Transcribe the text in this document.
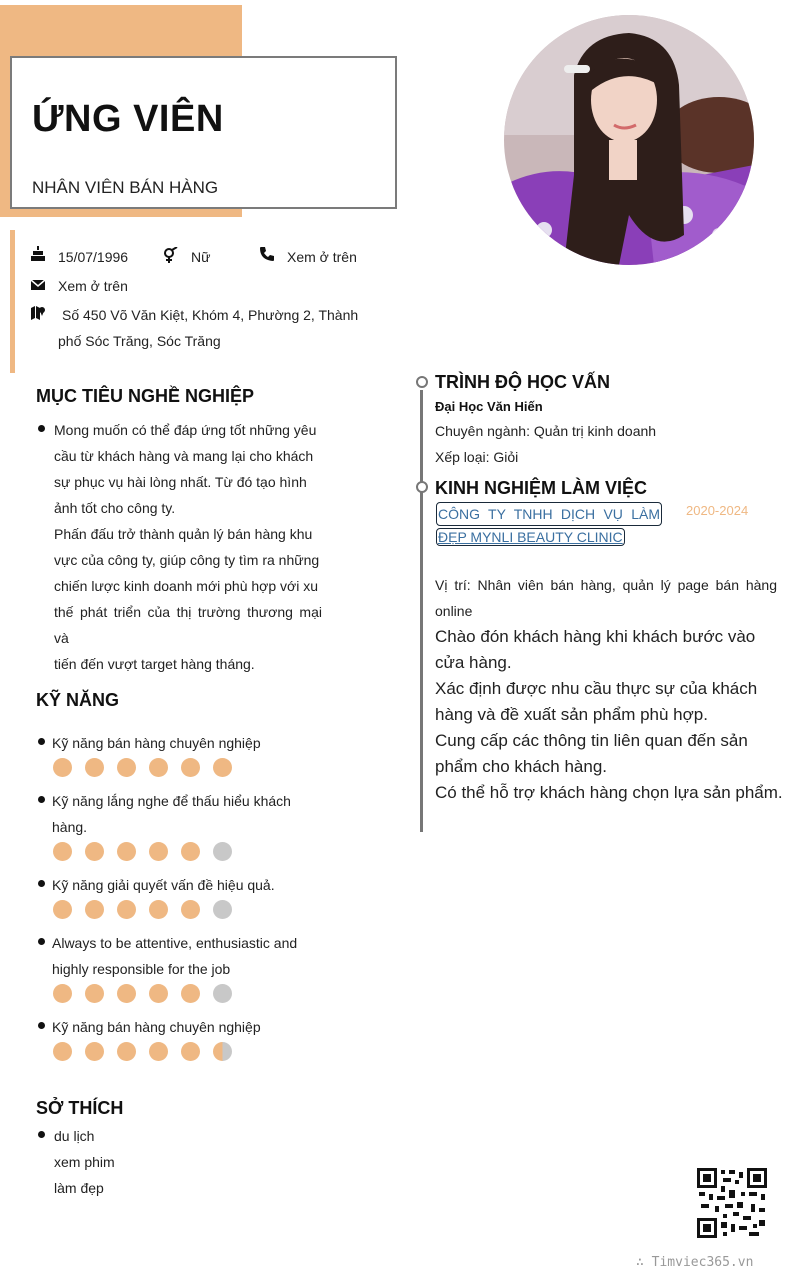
ỨNG VIÊN
NHÂN VIÊN BÁN HÀNG
15/07/1996	Nữ	Xem ở trên
Xem ở trên
Số 450 Võ Văn Kiệt, Khóm 4, Phường 2, Thành
phố Sóc Trăng, Sóc Trăng
MỤC TIÊU NGHỀ NGHIỆP
Mong muốn có thể đáp ứng tốt những yêu
cầu từ khách hàng và mang lại cho khách
sự phục vụ hài lòng nhất. Từ đó tạo hình
ảnh tốt cho công ty.
Phấn đấu trở thành quản lý bán hàng khu
vực của công ty, giúp công ty tìm ra những
chiến lược kinh doanh mới phù hợp với xu
thế phát triển của thị trường thương mại và
tiến đến vượt target hàng tháng.
KỸ NĂNG
Kỹ năng bán hàng chuyên nghiệp
Kỹ năng lắng nghe để thấu hiểu khách
hàng.
Kỹ năng giải quyết vấn đề hiệu quả.
Always to be attentive, enthusiastic and
highly responsible for the job
Kỹ năng bán hàng chuyên nghiệp
SỞ THÍCH
du lịch
xem phim
làm đẹp
TRÌNH ĐỘ HỌC VẤN
Đại Học Văn Hiến
Chuyên ngành: Quản trị kinh doanh
Xếp loại: Giỏi
KINH NGHIỆM LÀM VIỆC
CÔNG TY TNHH DỊCH VỤ LÀM
ĐẸP MYNLI BEAUTY CLINIC
2020-2024
Vị trí: Nhân viên bán hàng, quản lý page bán hàng
online
Chào đón khách hàng khi khách bước vào
cửa hàng.
Xác định được nhu cầu thực sự của khách
hàng và đề xuất sản phẩm phù hợp.
Cung cấp các thông tin liên quan đến sản
phẩm cho khách hàng.
Có thể hỗ trợ khách hàng chọn lựa sản phẩm.
∴ Timviec365.vn
